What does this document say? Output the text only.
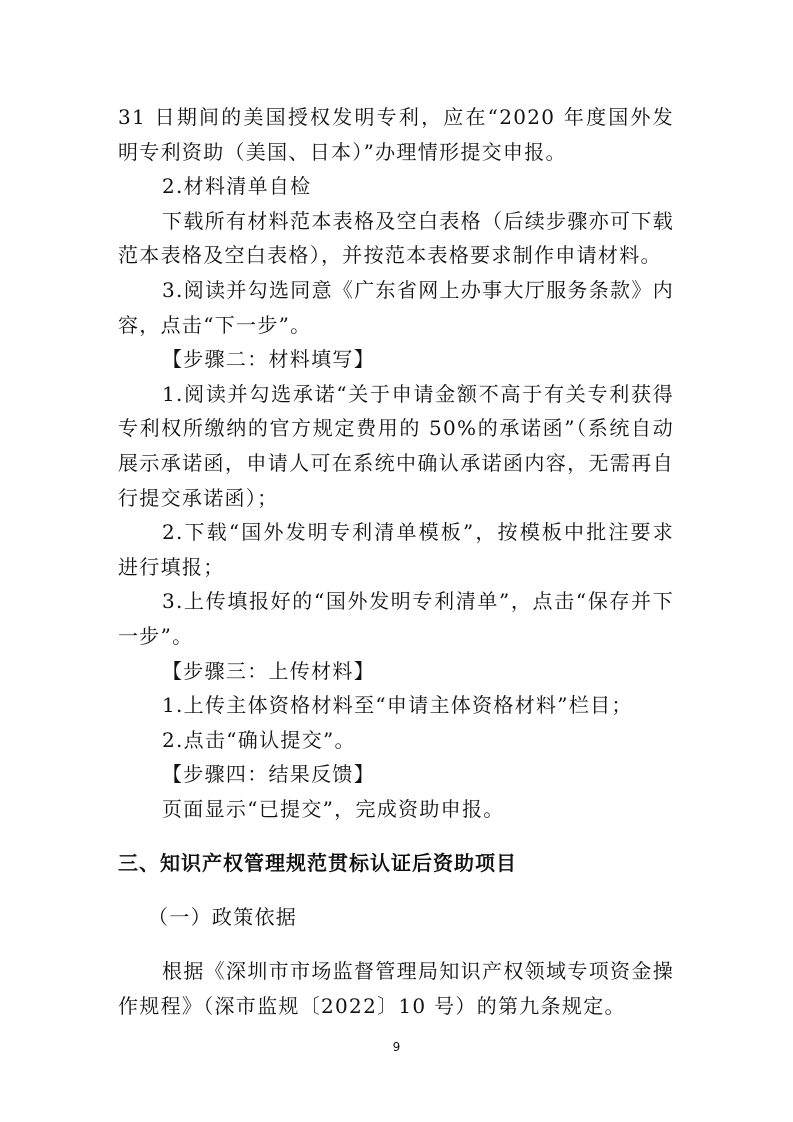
31 日期间的美国授权发明专利，应在“2020 年度国外发明专利资助（美国、日本）”办理情形提交申报。

2.材料清单自检

下载所有材料范本表格及空白表格（后续步骤亦可下载范本表格及空白表格），并按范本表格要求制作申请材料。

3.阅读并勾选同意《广东省网上办事大厅服务条款》内容，点击“下一步”。

【步骤二：材料填写】

1.阅读并勾选承诺“关于申请金额不高于有关专利获得专利权所缴纳的官方规定费用的 50%的承诺函”（系统自动展示承诺函，申请人可在系统中确认承诺函内容，无需再自行提交承诺函）；

2.下载“国外发明专利清单模板”，按模板中批注要求进行填报；

3.上传填报好的“国外发明专利清单”，点击“保存并下一步”。

【步骤三：上传材料】

1.上传主体资格材料至“申请主体资格材料”栏目；

2.点击“确认提交”。

【步骤四：结果反馈】

页面显示“已提交”，完成资助申报。

三、知识产权管理规范贯标认证后资助项目

（一）政策依据

根据《深圳市市场监督管理局知识产权领域专项资金操作规程》（深市监规〔2022〕10 号）的第九条规定。

9
